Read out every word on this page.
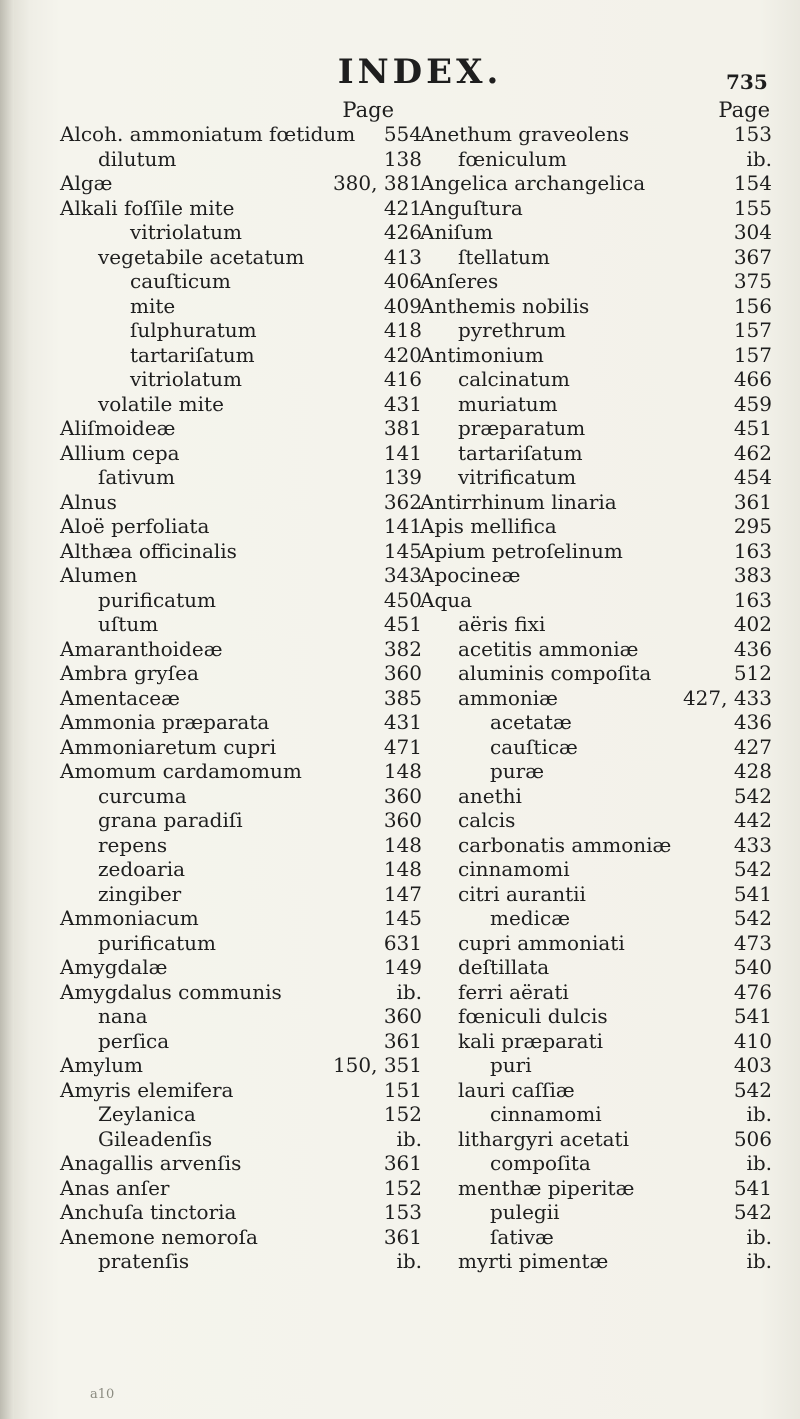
INDEX.	735
Page
Alcoh. ammoniatum fœtidum 554
dilutum	138
Algæ	380, 381
Alkali foſſile mite	421
vitriolatum	426
vegetabile acetatum	413
cauſticum	406
mite	409
ſulphuratum	418
tartariſatum	420
vitriolatum	416
volatile mite	431
Aliſmoideæ	381
Allium cepa	141
ſativum	139
Alnus	362
Aloë perfoliata	141
Althæa officinalis	145
Alumen	343
purificatum	450
uſtum	451
Amaranthoideæ	382
Ambra gryſea	360
Amentaceæ	385
Ammonia præparata	431
Ammoniaretum cupri	471
Amomum cardamomum	148
curcuma	360
grana paradiſi	360
repens	148
zedoaria	148
zingiber	147
Ammoniacum	145
purificatum	631
Amygdalæ	149
Amygdalus communis	ib.
nana	360
perſica	361
Amylum	150, 351
Amyris elemifera	151
Zeylanica	152
Gileadenſis	ib.
Anagallis arvenſis	361
Anas anſer	152
Anchuſa tinctoria	153
Anemone nemoroſa	361
pratenſis	ib.
Page
Anethum graveolens	153
fœniculum	ib.
Angelica archangelica	154
Anguſtura	155
Aniſum	304
ſtellatum	367
Anſeres	375
Anthemis nobilis	156
pyrethrum	157
Antimonium	157
calcinatum	466
muriatum	459
præparatum	451
tartariſatum	462
vitrificatum	454
Antirrhinum linaria	361
Apis mellifica	295
Apium petroſelinum	163
Apocineæ	383
Aqua	163
aëris fixi	402
acetitis ammoniæ	436
aluminis compoſita	512
ammoniæ	427, 433
acetatæ	436
cauſticæ	427
puræ	428
anethi	542
calcis	442
carbonatis ammoniæ	433
cinnamomi	542
citri aurantii	541
medicæ	542
cupri ammoniati	473
deſtillata	540
ferri aërati	476
fœniculi dulcis	541
kali præparati	410
puri	403
lauri caſſiæ	542
cinnamomi	ib.
lithargyri acetati	506
compoſita	ib.
menthæ piperitæ	541
pulegii	542
ſativæ	ib.
myrti pimentæ	ib.
a10
